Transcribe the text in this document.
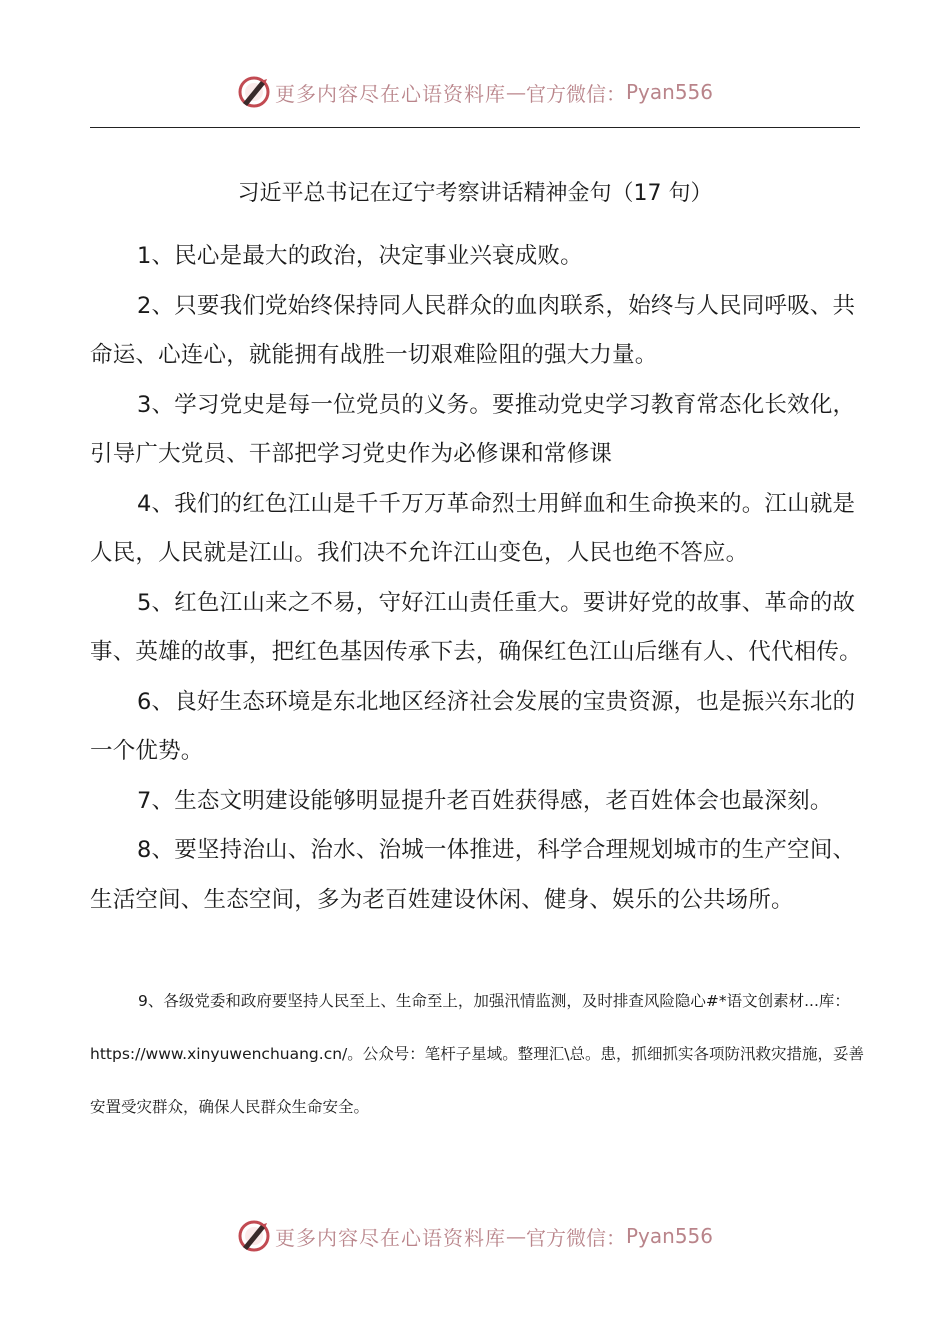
更多内容尽在心语资料库 — 官方微信： Pyan556
习近平总书记在辽宁考察讲话精神金句（17 句）

1、民心是最大的政治，决定事业兴衰成败。

2、只要我们党始终保持同人民群众的血肉联系，始终与人民同呼吸、共命运、心连心，就能拥有战胜一切艰难险阻的强大力量。

3、学习党史是每一位党员的义务。要推动党史学习教育常态化长效化，引导广大党员、干部把学习党史作为必修课和常修课

4、我们的红色江山是千千万万革命烈士用鲜血和生命换来的。江山就是人民，人民就是江山。我们决不允许江山变色，人民也绝不答应。

5、红色江山来之不易，守好江山责任重大。要讲好党的故事、革命的故事、英雄的故事，把红色基因传承下去，确保红色江山后继有人、代代相传。

6、良好生态环境是东北地区经济社会发展的宝贵资源，也是振兴东北的一个优势。

7、生态文明建设能够明显提升老百姓获得感，老百姓体会也最深刻。

8、要坚持治山、治水、治城一体推进，科学合理规划城市的生产空间、生活空间、生态空间，多为老百姓建设休闲、健身、娱乐的公共场所。

9、各级党委和政府要坚持人民至上、生命至上，加强汛情监测，及时排查风险隐心#*语文创素材...库：https://www.xinyuwenchuang.cn/。公众号：笔杆子星域。整理汇\总。患，抓细抓实各项防汛救灾措施，妥善安置受灾群众，确保人民群众生命安全。

更多内容尽在心语资料库 — 官方微信： Pyan556
